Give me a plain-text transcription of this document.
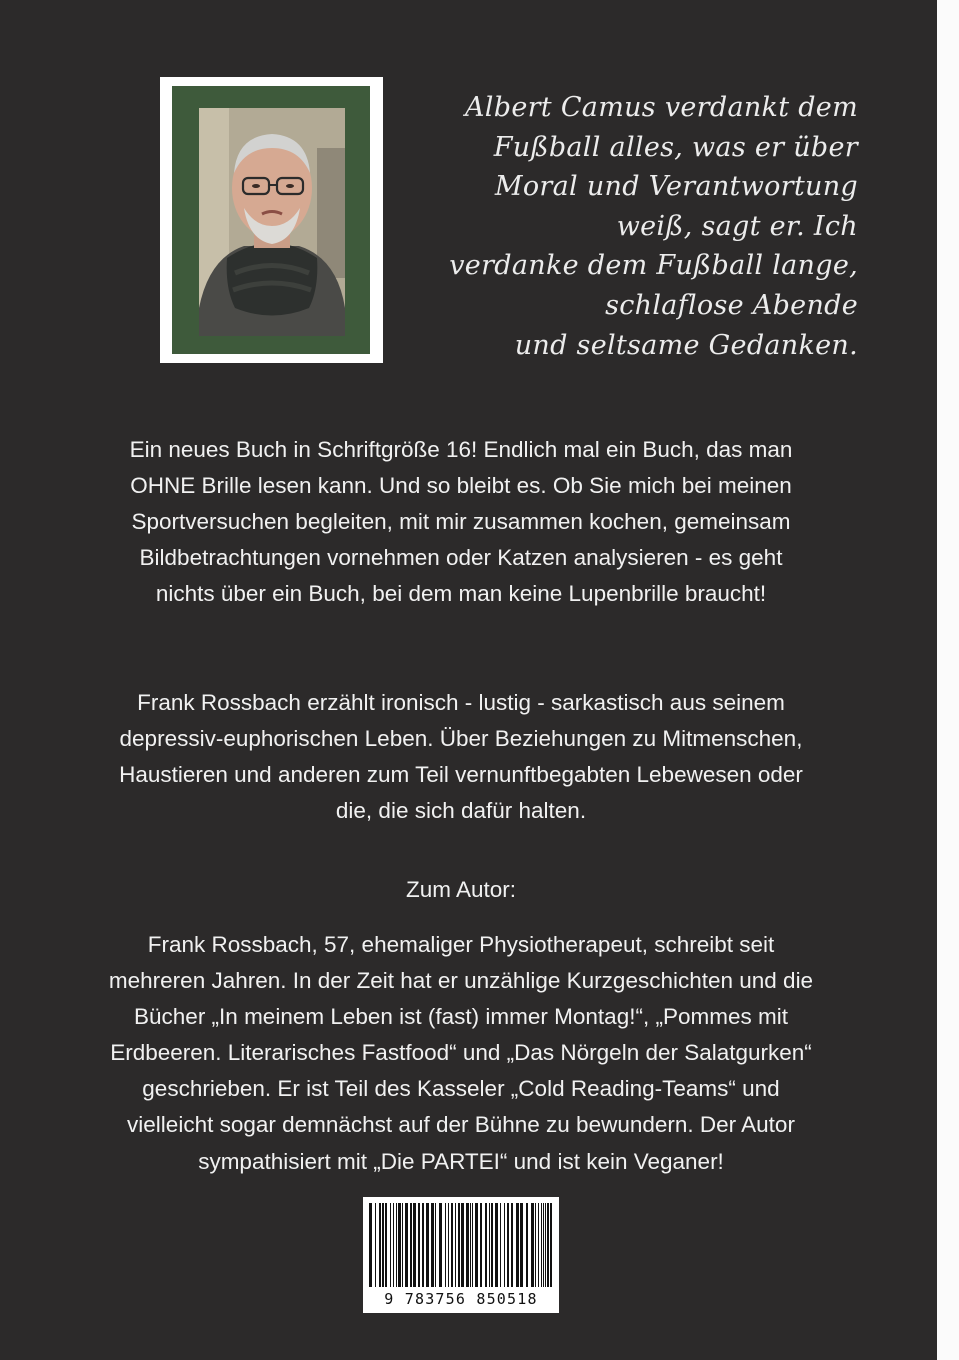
Albert Camus verdankt dem
Fußball alles, was er über
Moral und Verantwortung
weiß, sagt er. Ich
verdanke dem Fußball lange,
schlaflose Abende
und seltsame Gedanken.
Ein neues Buch in Schriftgröße 16! Endlich mal ein Buch, das man
OHNE Brille lesen kann. Und so bleibt es. Ob Sie mich bei meinen
Sportversuchen begleiten, mit mir zusammen kochen, gemeinsam
Bildbetrachtungen vornehmen oder Katzen analysieren - es geht
nichts über ein Buch, bei dem man keine Lupenbrille braucht!
Frank Rossbach erzählt ironisch - lustig - sarkastisch aus seinem
depressiv-euphorischen Leben. Über Beziehungen zu Mitmenschen,
Haustieren und anderen zum Teil vernunftbegabten Lebewesen oder
die, die sich dafür halten.
Zum Autor:
Frank Rossbach, 57, ehemaliger Physiotherapeut, schreibt seit
mehreren Jahren. In der Zeit hat er unzählige Kurzgeschichten und die
Bücher „In meinem Leben ist (fast) immer Montag!“, „Pommes mit
Erdbeeren. Literarisches Fastfood“ und „Das Nörgeln der Salatgurken“
geschrieben. Er ist Teil des Kasseler „Cold Reading-Teams“ und
vielleicht sogar demnächst auf der Bühne zu bewundern. Der Autor
sympathisiert mit „Die PARTEI“ und ist kein Veganer!
9 783756 850518
